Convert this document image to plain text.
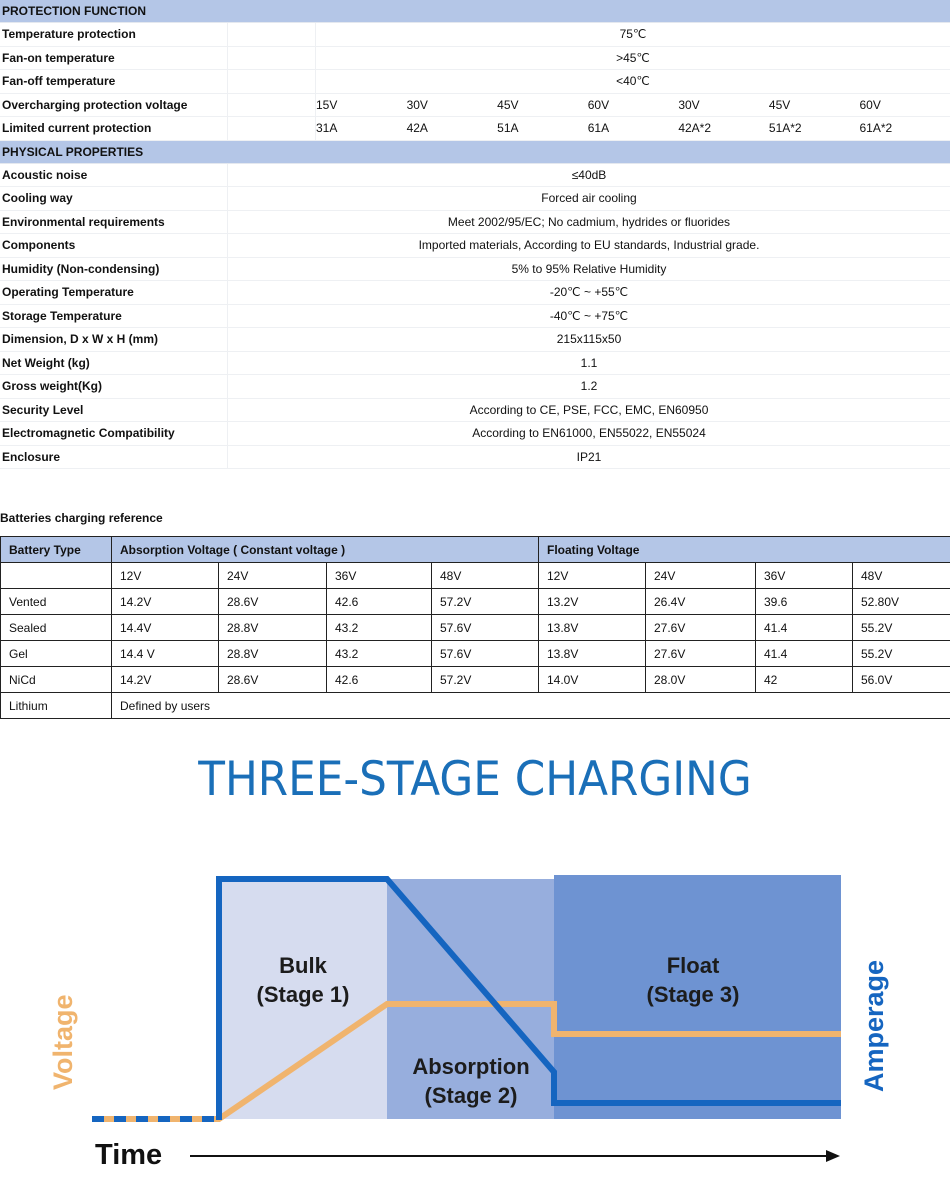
PROTECTION FUNCTION
Temperature protection	75℃
Fan-on temperature	>45℃
Fan-off temperature	<40℃
Overcharging protection voltage	15V	30V	45V	60V	30V	45V	60V
Limited current protection	31A	42A	51A	61A	42A*2	51A*2	61A*2
PHYSICAL PROPERTIES
Acoustic noise	≤40dB
Cooling way	Forced air cooling
Environmental requirements	Meet 2002/95/EC; No cadmium, hydrides or fluorides
Components	Imported materials, According to EU standards, Industrial grade.
Humidity (Non-condensing)	5% to 95% Relative Humidity
Operating Temperature	-20℃ ~ +55℃
Storage Temperature	-40℃ ~ +75℃
Dimension, D x W x H (mm)	215x115x50
Net Weight (kg)	1.1
Gross weight(Kg)	1.2
Security Level	According to CE, PSE, FCC, EMC, EN60950
Electromagnetic Compatibility	According to EN61000, EN55022, EN55024
Enclosure	IP21
Batteries charging reference
Battery Type	Absorption Voltage ( Constant voltage )				Floating Voltage			
	12V	24V	36V	48V	12V	24V	36V	48V
Vented	14.2V	28.6V	42.6	57.2V	13.2V	26.4V	39.6	52.80V
Sealed	14.4V	28.8V	43.2	57.6V	13.8V	27.6V	41.4	55.2V
Gel	14.4 V	28.8V	43.2	57.6V	13.8V	27.6V	41.4	55.2V
NiCd	14.2V	28.6V	42.6	57.2V	14.0V	28.0V	42	56.0V
Lithium	Defined by users							
THREE-STAGE CHARGING
Bulk
(Stage 1)
Absorption
(Stage 2)
Float
(Stage 3)
Voltage	Amperage
Time
